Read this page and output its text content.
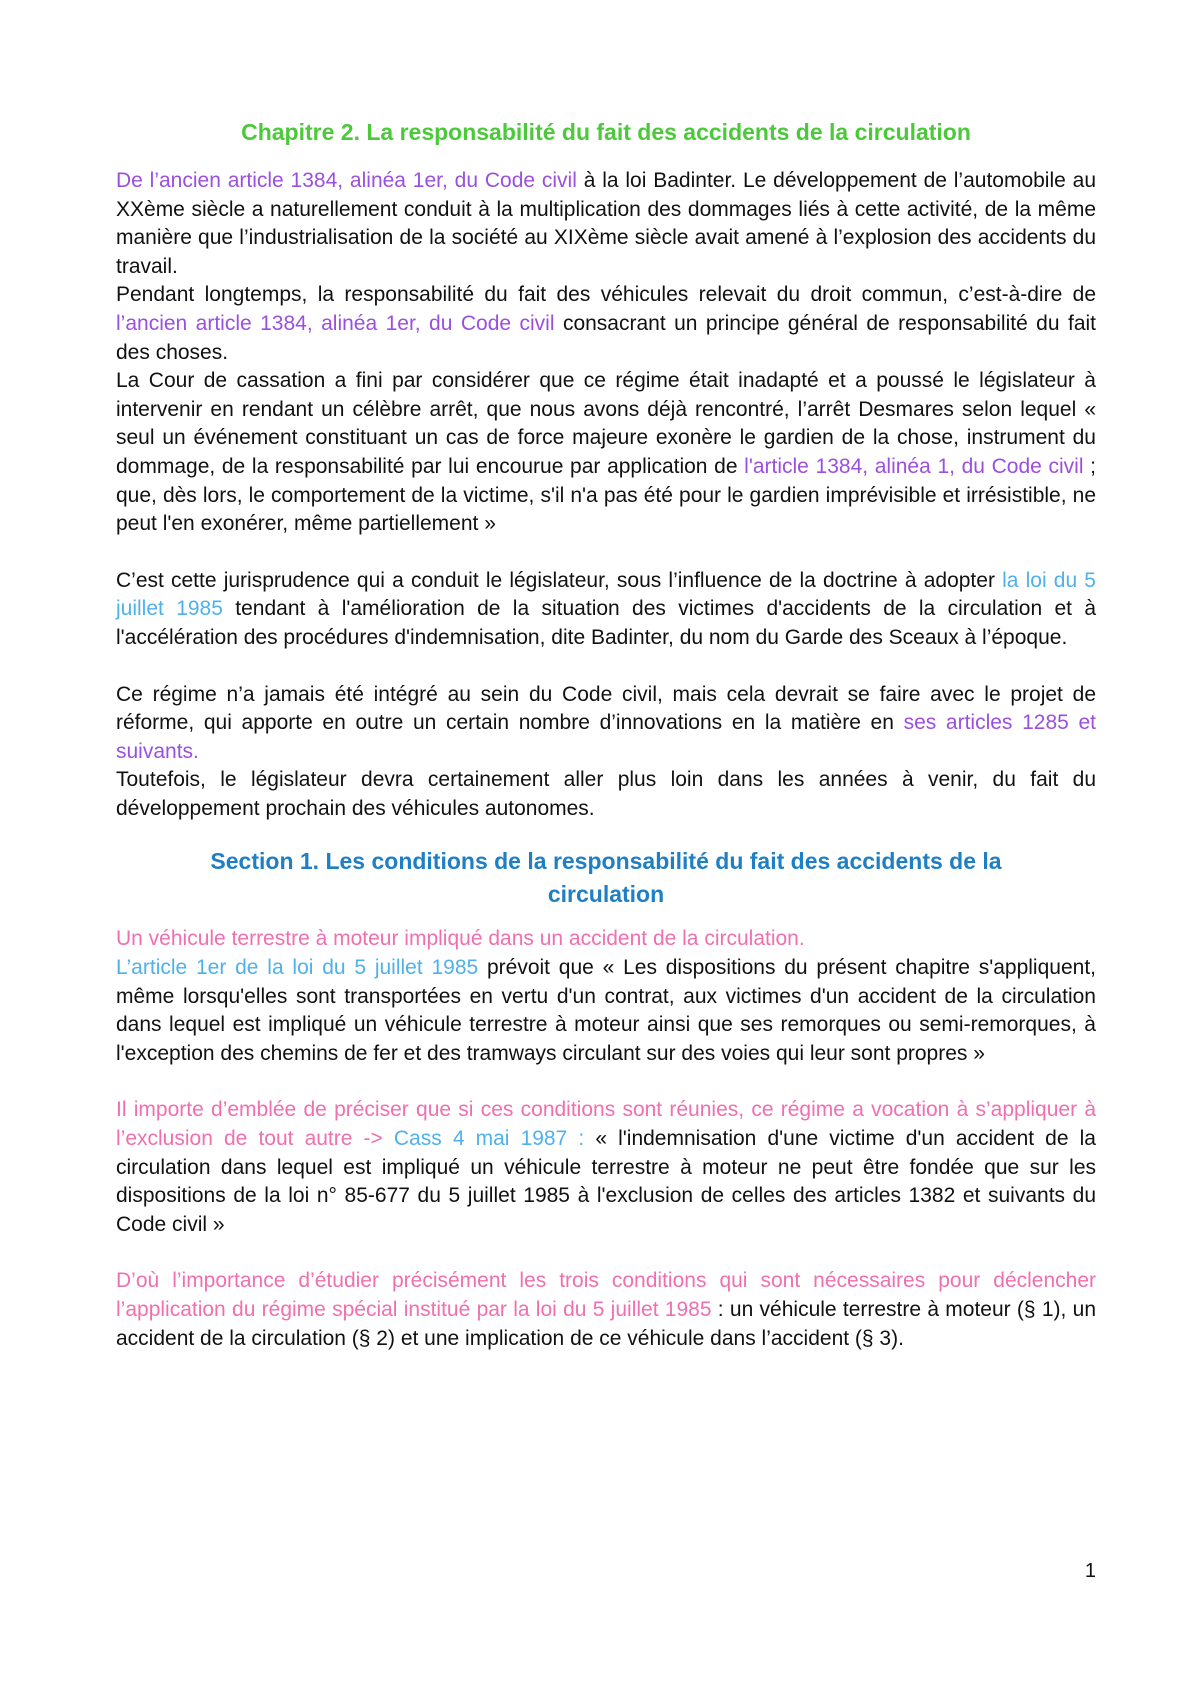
Chapitre 2. La responsabilité du fait des accidents de la circulation

De l’ancien article 1384, alinéa 1er, du Code civil à la loi Badinter. Le développement de l’automobile au XXème siècle a naturellement conduit à la multiplication des dommages liés à cette activité, de la même manière que l’industrialisation de la société au XIXème siècle avait amené à l’explosion des accidents du travail.

Pendant longtemps, la responsabilité du fait des véhicules relevait du droit commun, c’est-à-dire de l’ancien article 1384, alinéa 1er, du Code civil consacrant un principe général de responsabilité du fait des choses.

La Cour de cassation a fini par considérer que ce régime était inadapté et a poussé le législateur à intervenir en rendant un célèbre arrêt, que nous avons déjà rencontré, l’arrêt Desmares selon lequel « seul un événement constituant un cas de force majeure exonère le gardien de la chose, instrument du dommage, de la responsabilité par lui encourue par application de l'article 1384, alinéa 1, du Code civil ; que, dès lors, le comportement de la victime, s'il n'a pas été pour le gardien imprévisible et irrésistible, ne peut l'en exonérer, même partiellement »

C’est cette jurisprudence qui a conduit le législateur, sous l’influence de la doctrine à adopter la loi du 5 juillet 1985 tendant à l'amélioration de la situation des victimes d'accidents de la circulation et à l'accélération des procédures d'indemnisation, dite Badinter, du nom du Garde des Sceaux à l’époque.

Ce régime n’a jamais été intégré au sein du Code civil, mais cela devrait se faire avec le projet de réforme, qui apporte en outre un certain nombre d’innovations en la matière en ses articles 1285 et suivants.

Toutefois, le législateur devra certainement aller plus loin dans les années à venir, du fait du développement prochain des véhicules autonomes.

Section 1. Les conditions de la responsabilité du fait des accidents de la circulation

Un véhicule terrestre à moteur impliqué dans un accident de la circulation.

L’article 1er de la loi du 5 juillet 1985 prévoit que « Les dispositions du présent chapitre s'appliquent, même lorsqu'elles sont transportées en vertu d'un contrat, aux victimes d'un accident de la circulation dans lequel est impliqué un véhicule terrestre à moteur ainsi que ses remorques ou semi-remorques, à l'exception des chemins de fer et des tramways circulant sur des voies qui leur sont propres »

Il importe d’emblée de préciser que si ces conditions sont réunies, ce régime a vocation à s’appliquer à l’exclusion de tout autre -> Cass 4 mai 1987 : « l'indemnisation d'une victime d'un accident de la circulation dans lequel est impliqué un véhicule terrestre à moteur ne peut être fondée que sur les dispositions de la loi n° 85-677 du 5 juillet 1985 à l'exclusion de celles des articles 1382 et suivants du Code civil »

D’où l’importance d’étudier précisément les trois conditions qui sont nécessaires pour déclencher l’application du régime spécial institué par la loi du 5 juillet 1985 : un véhicule terrestre à moteur (§ 1), un accident de la circulation (§ 2) et une implication de ce véhicule dans l’accident (§ 3).

1
